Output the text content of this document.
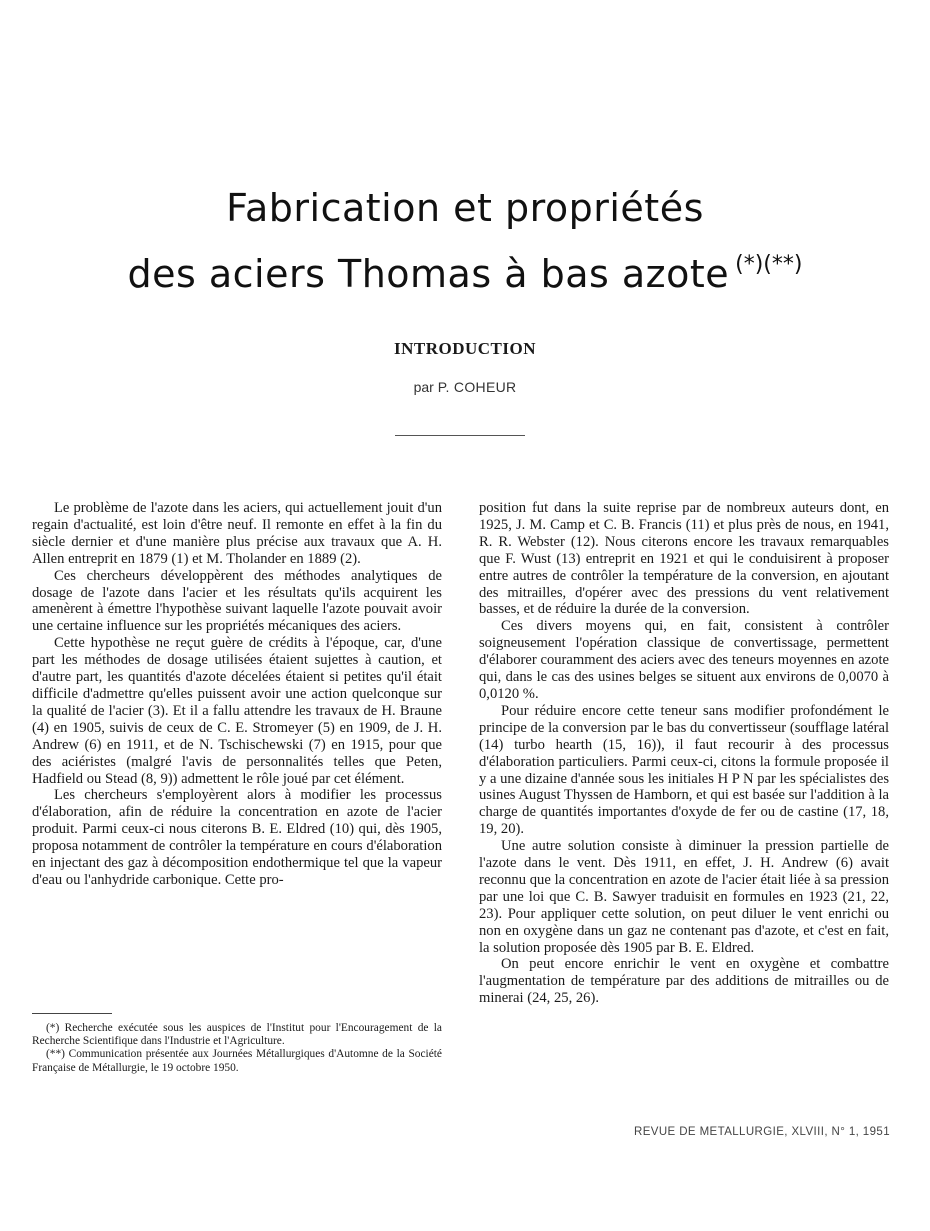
Fabrication et propriétés
des aciers Thomas à bas azote (*)(**)
INTRODUCTION
par P. COHEUR

Le problème de l'azote dans les aciers, qui actuellement jouit d'un regain d'actualité, est loin d'être neuf. Il remonte en effet à la fin du siècle dernier et d'une manière plus précise aux travaux que A. H. Allen entreprit en 1879 (1) et M. Tholander en 1889 (2).

Ces chercheurs développèrent des méthodes analytiques de dosage de l'azote dans l'acier et les résultats qu'ils acquirent les amenèrent à émettre l'hypothèse suivant laquelle l'azote pouvait avoir une certaine influence sur les propriétés mécaniques des aciers.

Cette hypothèse ne reçut guère de crédits à l'époque, car, d'une part les méthodes de dosage utilisées étaient sujettes à caution, et d'autre part, les quantités d'azote décelées étaient si petites qu'il était difficile d'admettre qu'elles puissent avoir une action quelconque sur la qualité de l'acier (3). Et il a fallu attendre les travaux de H. Braune (4) en 1905, suivis de ceux de C. E. Stromeyer (5) en 1909, de J. H. Andrew (6) en 1911, et de N. Tschischewski (7) en 1915, pour que des aciéristes (malgré l'avis de personnalités telles que Peten, Hadfield ou Stead (8, 9)) admettent le rôle joué par cet élément.

Les chercheurs s'employèrent alors à modifier les processus d'élaboration, afin de réduire la concentration en azote de l'acier produit. Parmi ceux-ci nous citerons B. E. Eldred (10) qui, dès 1905, proposa notamment de contrôler la température en cours d'élaboration en injectant des gaz à décomposition endothermique tel que la vapeur d'eau ou l'anhydride carbonique. Cette pro-

position fut dans la suite reprise par de nombreux auteurs dont, en 1925, J. M. Camp et C. B. Francis (11) et plus près de nous, en 1941, R. R. Webster (12). Nous citerons encore les travaux remarquables que F. Wust (13) entreprit en 1921 et qui le conduisirent à proposer entre autres de contrôler la température de la conversion, en ajoutant des mitrailles, d'opérer avec des pressions du vent relativement basses, et de réduire la durée de la conversion.

Ces divers moyens qui, en fait, consistent à contrôler soigneusement l'opération classique de convertissage, permettent d'élaborer couramment des aciers avec des teneurs moyennes en azote qui, dans le cas des usines belges se situent aux environs de 0,0070 à 0,0120 %.

Pour réduire encore cette teneur sans modifier profondément le principe de la conversion par le bas du convertisseur (soufflage latéral (14) turbo hearth (15, 16)), il faut recourir à des processus d'élaboration particuliers. Parmi ceux-ci, citons la formule proposée il y a une dizaine d'année sous les initiales H P N par les spécialistes des usines August Thyssen de Hamborn, et qui est basée sur l'addition à la charge de quantités importantes d'oxyde de fer ou de castine (17, 18, 19, 20).

Une autre solution consiste à diminuer la pression partielle de l'azote dans le vent. Dès 1911, en effet, J. H. Andrew (6) avait reconnu que la concentration en azote de l'acier était liée à sa pression par une loi que C. B. Sawyer traduisit en formules en 1923 (21, 22, 23). Pour appliquer cette solution, on peut diluer le vent enrichi ou non en oxygène dans un gaz ne contenant pas d'azote, et c'est en fait, la solution proposée dès 1905 par B. E. Eldred.

On peut encore enrichir le vent en oxygène et combattre l'augmentation de température par des additions de mitrailles ou de minerai (24, 25, 26).

(*) Recherche exécutée sous les auspices de l'Institut pour l'Encouragement de la Recherche Scientifique dans l'Industrie et l'Agriculture.

(**) Communication présentée aux Journées Métallurgiques d'Automne de la Société Française de Métallurgie, le 19 octobre 1950.

REVUE DE METALLURGIE, XLVIII, N° 1, 1951
